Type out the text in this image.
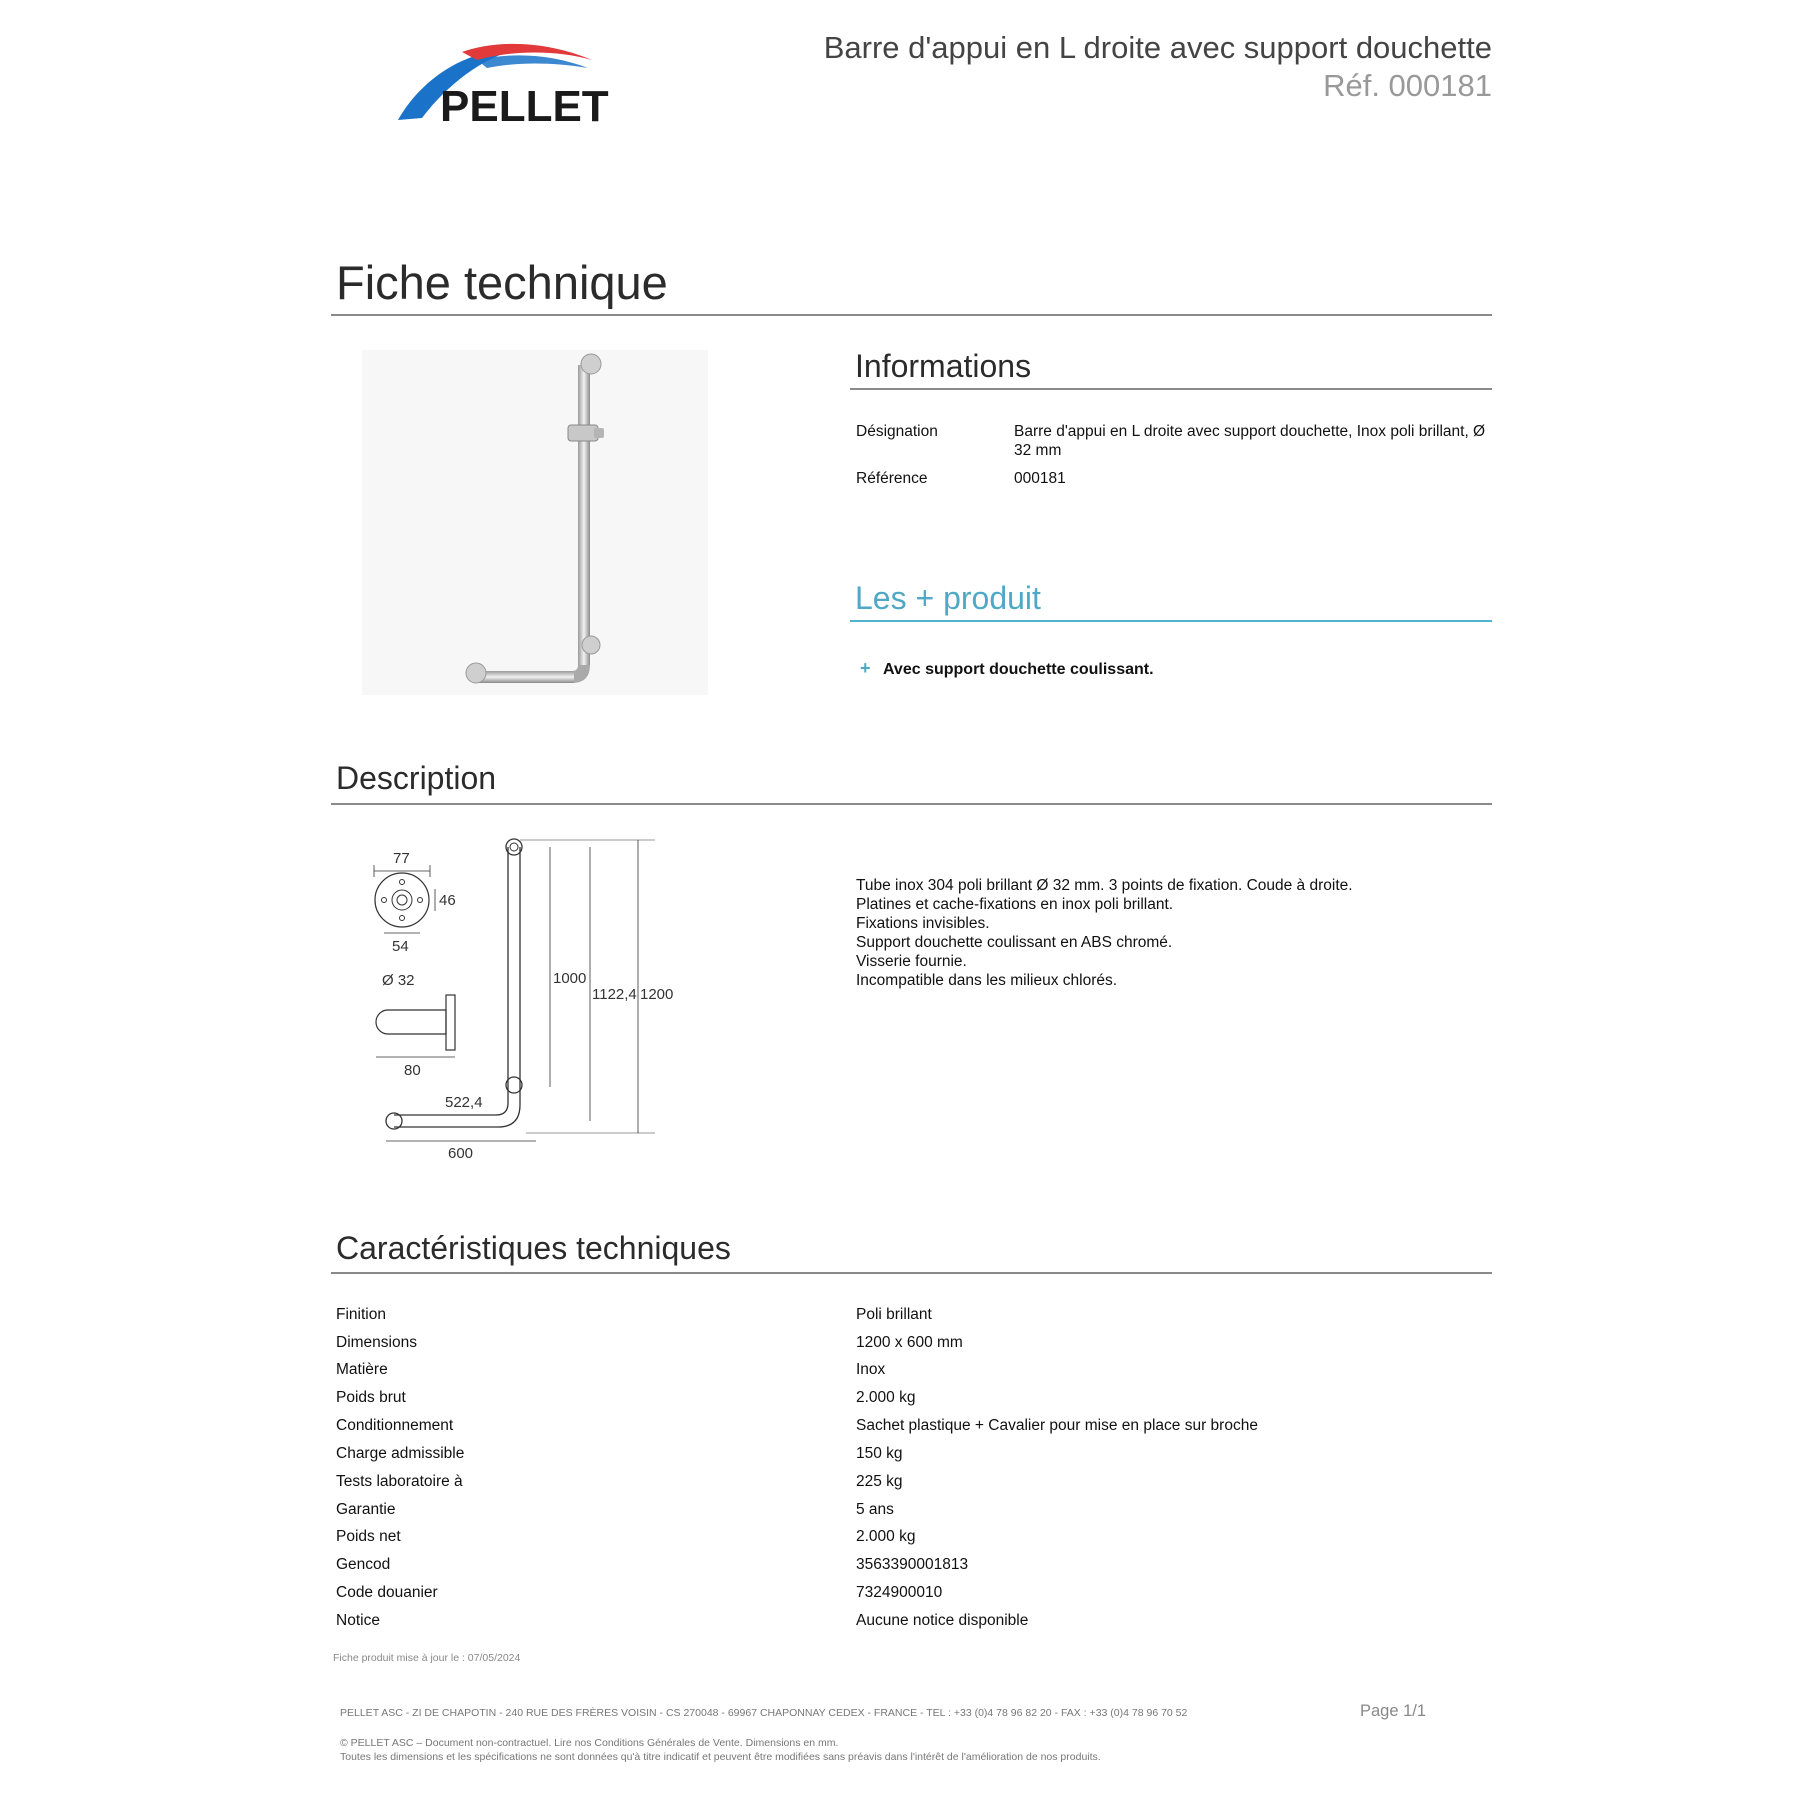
PELLET
Barre d'appui en L droite avec support douchette
Réf. 000181
Fiche technique
Informations
Désignation	Barre d'appui en L droite avec support douchette, Inox poli brillant, Ø 32 mm
Référence	000181
Les + produit
+ Avec support douchette coulissant.
Description
77
46
54
Ø 32
80
1000
1122,4 1200
522,4
600
Tube inox 304 poli brillant Ø 32 mm. 3 points de fixation. Coude à droite.
Platines et cache-fixations en inox poli brillant.
Fixations invisibles.
Support douchette coulissant en ABS chromé.
Visserie fournie.
Incompatible dans les milieux chlorés.
Caractéristiques techniques
Finition	Poli brillant
Dimensions	1200 x 600 mm
Matière	Inox
Poids brut	2.000 kg
Conditionnement	Sachet plastique + Cavalier pour mise en place sur broche
Charge admissible	150 kg
Tests laboratoire à	225 kg
Garantie	5 ans
Poids net	2.000 kg
Gencod	3563390001813
Code douanier	7324900010
Notice	Aucune notice disponible
Fiche produit mise à jour le : 07/05/2024
PELLET ASC - ZI DE CHAPOTIN - 240 RUE DES FRÈRES VOISIN - CS 270048 - 69967 CHAPONNAY CEDEX - FRANCE - TEL : +33 (0)4 78 96 82 20 - FAX : +33 (0)4 78 96 70 52	Page 1/1
© PELLET ASC – Document non-contractuel. Lire nos Conditions Générales de Vente. Dimensions en mm.
Toutes les dimensions et les spécifications ne sont données qu'à titre indicatif et peuvent être modifiées sans préavis dans l'intérêt de l'amélioration de nos produits.
